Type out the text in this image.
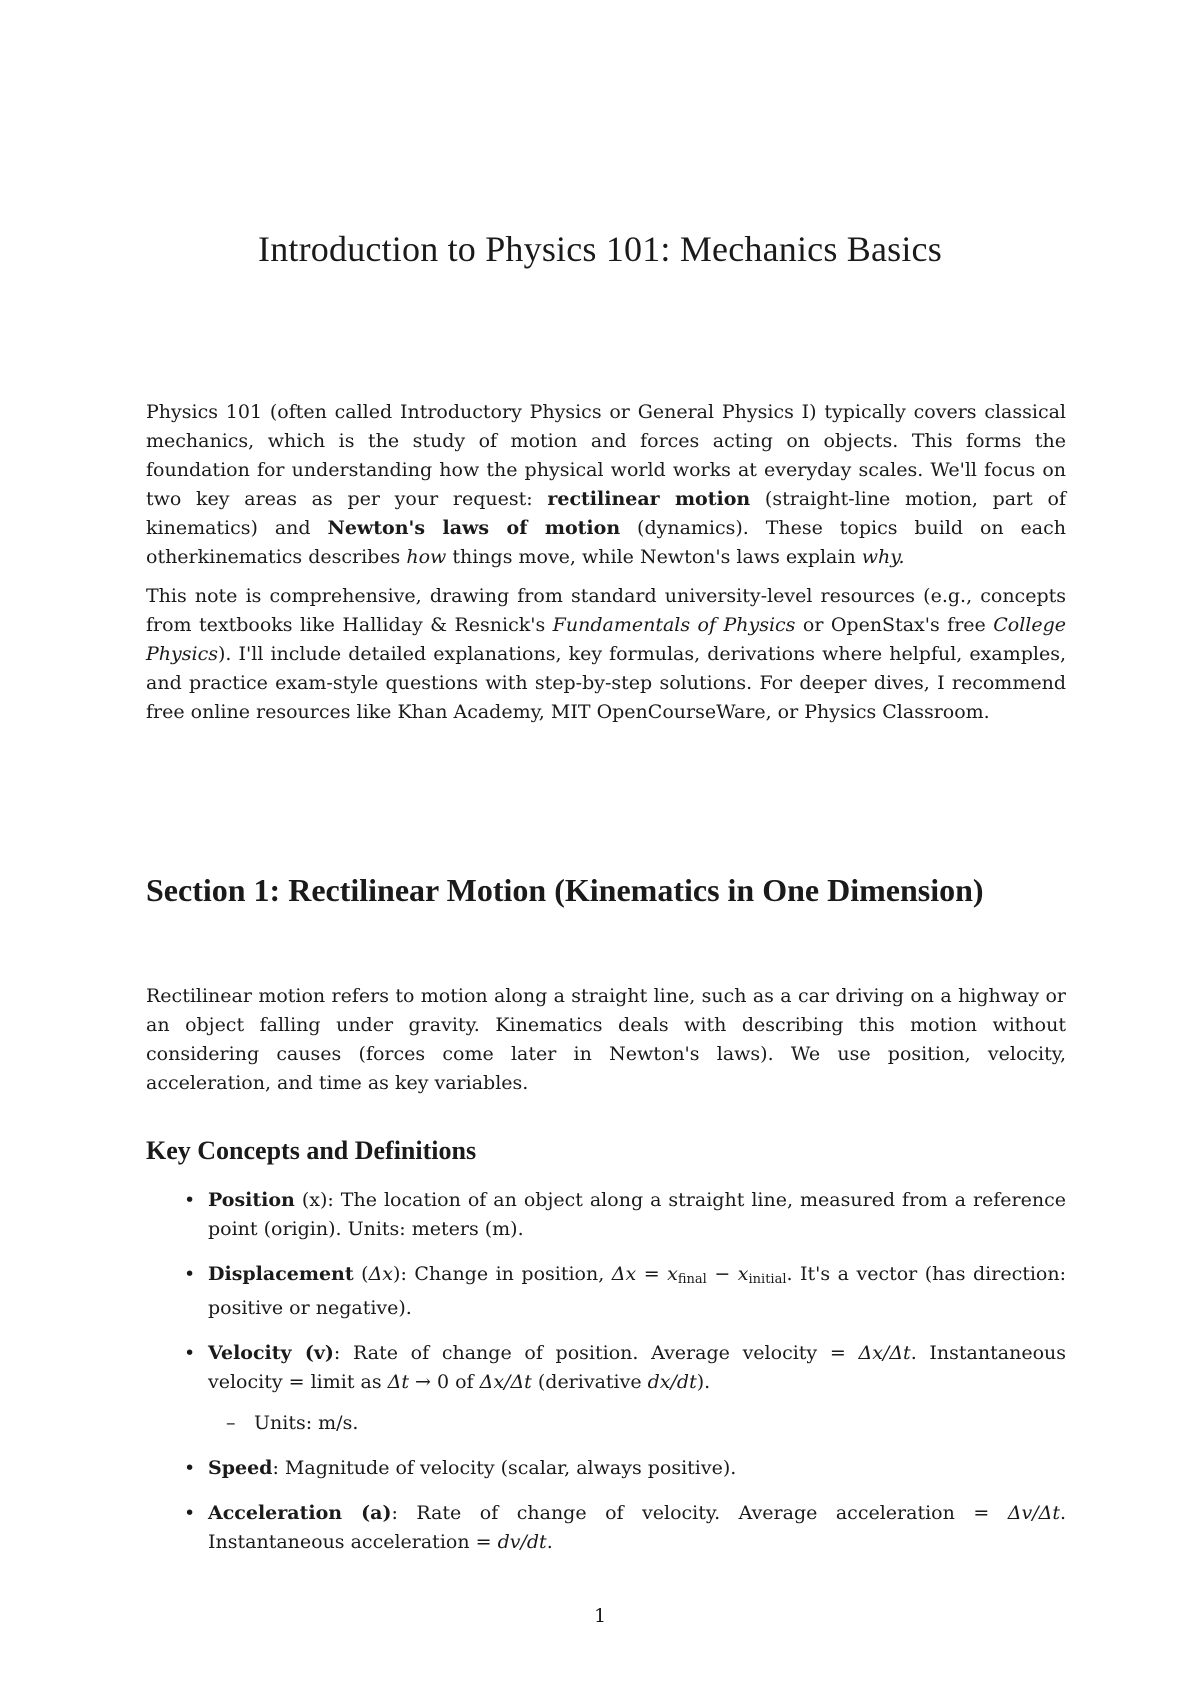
Introduction to Physics 101: Mechanics Basics

Physics 101 (often called Introductory Physics or General Physics I) typically covers classical mechanics, which is the study of motion and forces acting on objects. This forms the foundation for understanding how the physical world works at everyday scales. We'll focus on two key areas as per your request: rectilinear motion (straight-line motion, part of kinematics) and Newton's laws of motion (dynamics). These topics build on each otherkinematics describes how things move, while Newton's laws explain why.

This note is comprehensive, drawing from standard university-level resources (e.g., concepts from textbooks like Halliday & Resnick's Fundamentals of Physics or OpenStax's free College Physics). I'll include detailed explanations, key formulas, derivations where helpful, examples, and practice exam-style questions with step-by-step solutions. For deeper dives, I recommend free online resources like Khan Academy, MIT OpenCourseWare, or Physics Classroom.

Section 1: Rectilinear Motion (Kinematics in One Dimension)

Rectilinear motion refers to motion along a straight line, such as a car driving on a highway or an object falling under gravity. Kinematics deals with describing this motion without considering causes (forces come later in Newton's laws). We use position, velocity, acceleration, and time as key variables.

Key Concepts and Definitions
• Position (x): The location of an object along a straight line, measured from a reference point (origin). Units: meters (m).
• Displacement (Δx): Change in position, $\Delta x = x_{final} - x_{initial}$. It's a vector (has direction: positive or negative).
• Velocity (v): Rate of change of position. Average velocity = Δx/Δt. Instantaneous velocity = limit as Δt → 0 of Δx/Δt (derivative dx/dt).
– Units: m/s.
• Speed: Magnitude of velocity (scalar, always positive).
• Acceleration (a): Rate of change of velocity. Average acceleration = Δv/Δt. Instantaneous acceleration = dv/dt.
1
